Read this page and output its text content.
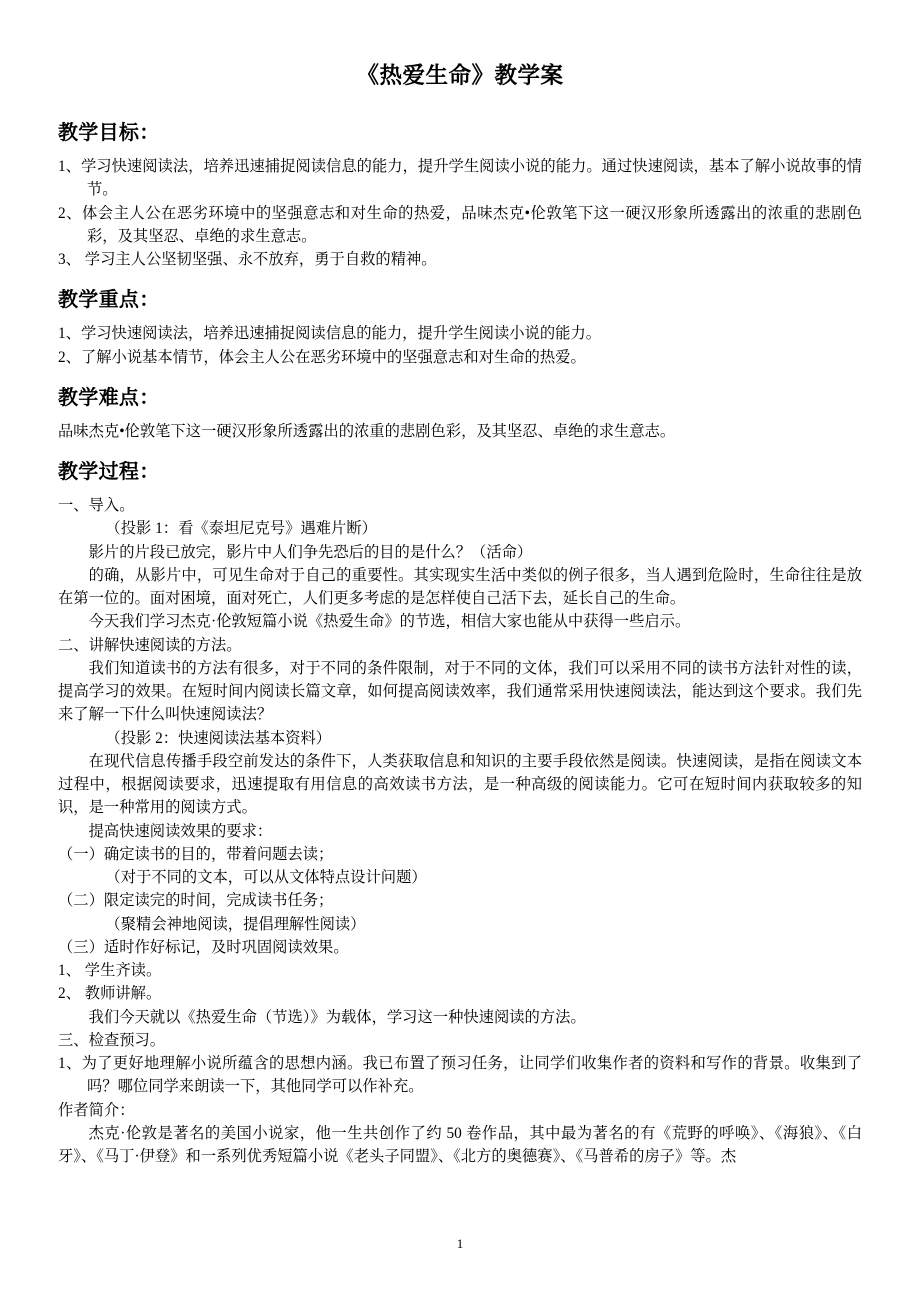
《热爱生命》教学案
教学目标：

1、学习快速阅读法，培养迅速捕捉阅读信息的能力，提升学生阅读小说的能力。通过快速阅读，基本了解小说故事的情节。

2、体会主人公在恶劣环境中的坚强意志和对生命的热爱，品味杰克•伦敦笔下这一硬汉形象所透露出的浓重的悲剧色彩，及其坚忍、卓绝的求生意志。

3、 学习主人公坚韧坚强、永不放弃，勇于自救的精神。

教学重点：

1、学习快速阅读法，培养迅速捕捉阅读信息的能力，提升学生阅读小说的能力。

2、了解小说基本情节，体会主人公在恶劣环境中的坚强意志和对生命的热爱。

教学难点：

品味杰克•伦敦笔下这一硬汉形象所透露出的浓重的悲剧色彩，及其坚忍、卓绝的求生意志。

教学过程：

一、导入。

（投影 1：看《泰坦尼克号》遇难片断）

影片的片段已放完，影片中人们争先恐后的目的是什么？（活命）

的确，从影片中，可见生命对于自己的重要性。其实现实生活中类似的例子很多，当人遇到危险时，生命往往是放在第一位的。面对困境，面对死亡，人们更多考虑的是怎样使自己活下去，延长自己的生命。

今天我们学习杰克·伦敦短篇小说《热爱生命》的节选，相信大家也能从中获得一些启示。

二、讲解快速阅读的方法。

我们知道读书的方法有很多，对于不同的条件限制，对于不同的文体，我们可以采用不同的读书方法针对性的读，提高学习的效果。在短时间内阅读长篇文章，如何提高阅读效率，我们通常采用快速阅读法，能达到这个要求。我们先来了解一下什么叫快速阅读法？

（投影 2：快速阅读法基本资料）

在现代信息传播手段空前发达的条件下，人类获取信息和知识的主要手段依然是阅读。快速阅读，是指在阅读文本过程中，根据阅读要求，迅速提取有用信息的高效读书方法，是一种高级的阅读能力。它可在短时间内获取较多的知识，是一种常用的阅读方式。

提高快速阅读效果的要求：

（一）确定读书的目的，带着问题去读；

（对于不同的文本，可以从文体特点设计问题）

（二）限定读完的时间，完成读书任务；

（聚精会神地阅读，提倡理解性阅读）

（三）适时作好标记，及时巩固阅读效果。

1、 学生齐读。

2、 教师讲解。

我们今天就以《热爱生命（节选）》为载体，学习这一种快速阅读的方法。

三、检查预习。

1、为了更好地理解小说所蕴含的思想内涵。我已布置了预习任务，让同学们收集作者的资料和写作的背景。收集到了吗？哪位同学来朗读一下，其他同学可以作补充。

作者简介：

杰克·伦敦是著名的美国小说家，他一生共创作了约 50 卷作品，其中最为著名的有《荒野的呼唤》、《海狼》、《白牙》、《马丁·伊登》和一系列优秀短篇小说《老头子同盟》、《北方的奥德赛》、《马普希的房子》等。杰

1
